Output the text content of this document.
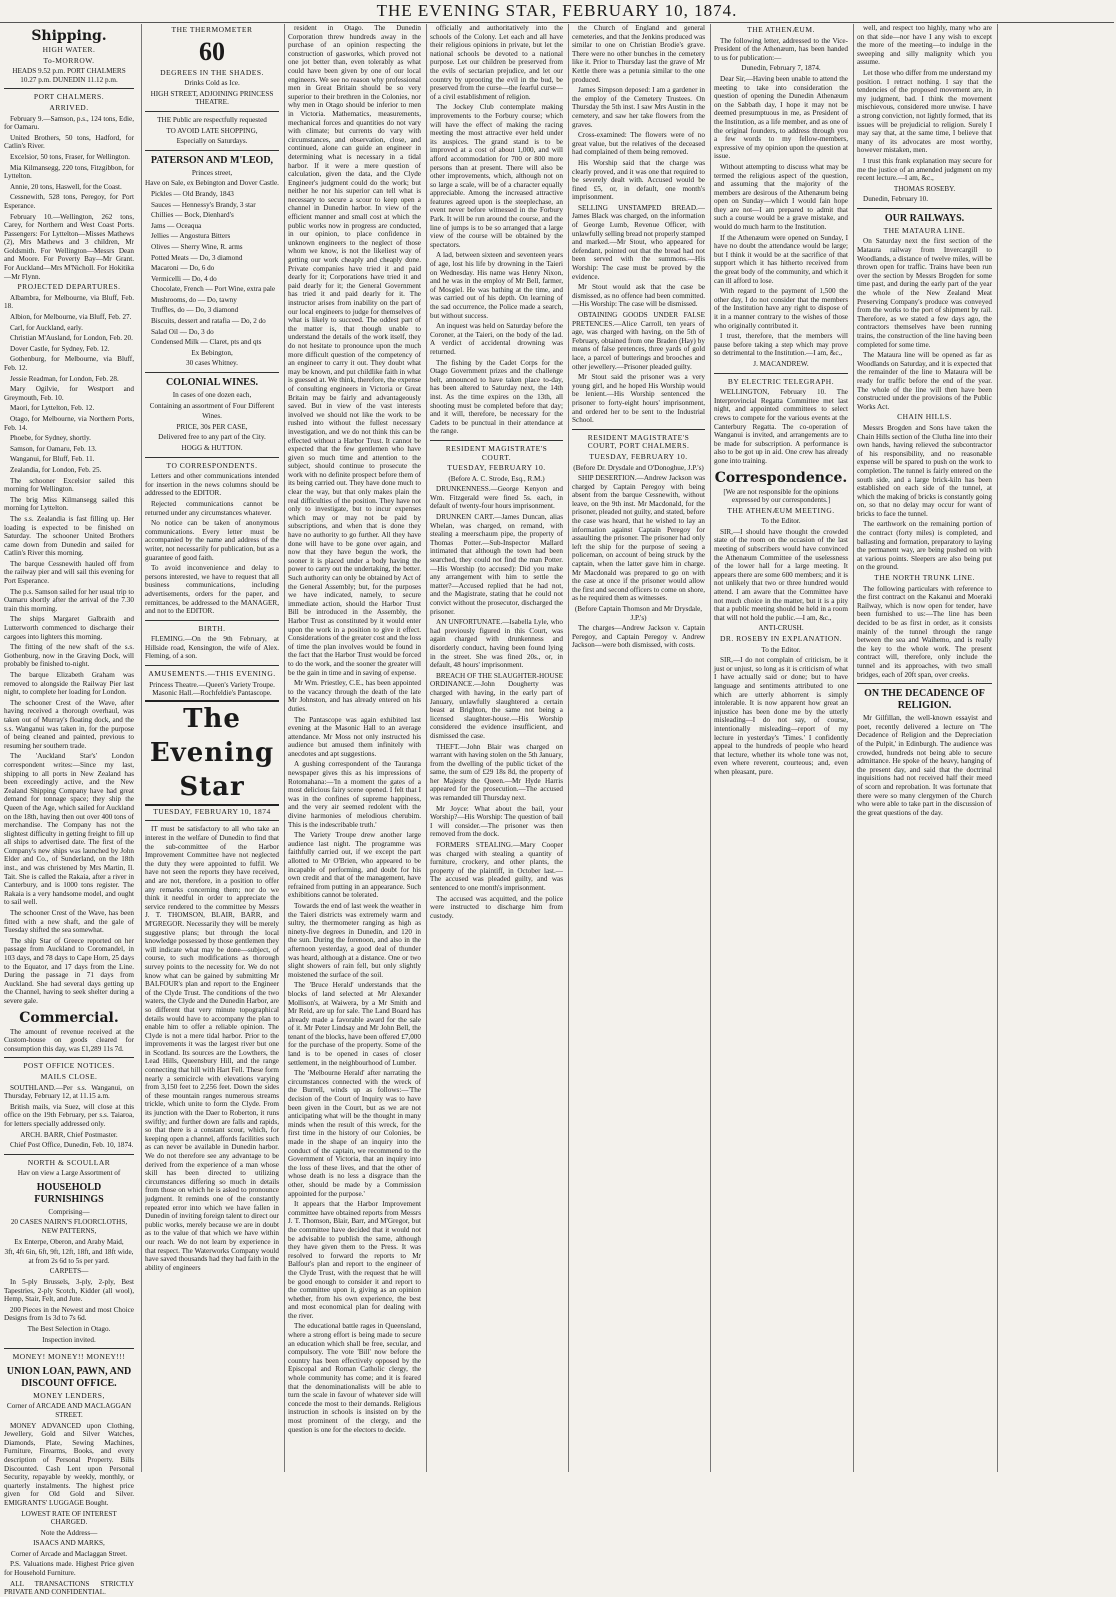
THE EVENING STAR, FEBRUARY 10, 1874.
Shipping.
HIGH WATER.
To-MORROW.

HEADS 9.52 p.m. PORT CHALMERS 10.27 p.m. DUNEDIN 11.12 p.m.

PORT CHALMERS.
ARRIVED.

February 9.—Samson, p.s., 124 tons, Edie, for Oamaru.

United Brothers, 50 tons, Hadford, for Catlin's River.

Excelsior, 50 tons, Fraser, for Wellington.

Mia Kilmansegg, 220 tons, Fitzgibbon, for Lyttelton.

Annie, 20 tons, Haswell, for the Coast.

Cessnewith, 528 tons, Peregoy, for Port Esperance.

February 10.—Wellington, 262 tons, Carey, for Northern and West Coast Ports. Passengers: For Lyttelton—Misses Mathews (2), Mrs Mathews and 3 children, Mr Goldsmith. For Wellington—Messrs Dean and Moore. For Poverty Bay—Mr Grant. For Auckland—Mrs M'Nicholl. For Hokitika—Mr Flynn.

PROJECTED DEPARTURES.

Albambra, for Melbourne, via Bluff, Feb. 18.

Albion, for Melbourne, via Bluff, Feb. 27.

Carl, for Auckland, early.

Christian M'Ausland, for London, Feb. 20.

Dover Castle, for Sydney, Feb. 12.

Gothenburg, for Melbourne, via Bluff, Feb. 12.

Jessie Readman, for London, Feb. 28.

Mary Ogilvie, for Westport and Greymouth, Feb. 10.

Maori, for Lyttelton, Feb. 12.

Otago, for Melbourne, via Northern Ports, Feb. 14.

Phoebe, for Sydney, shortly.

Samson, for Oamaru, Feb. 13.

Wanganui, for Bluff, Feb. 11.

Zealandia, for London, Feb. 25.

The schooner Excelsior sailed this morning for Wellington.

The brig Miss Kilmansegg sailed this morning for Lyttelton.

The s.s. Zealandia is fast filling up. Her loading is expected to be finished on Saturday. The schooner United Brothers came down from Dunedin and sailed for Catlin's River this morning.

The barque Cessnewith hauled off from the railway pier and will sail this evening for Port Esperance.

The p.s. Samson sailed for her usual trip to Oamaru shortly after the arrival of the 7.30 train this morning.

The ships Margaret Galbraith and Lutterworth commenced to discharge their cargoes into lighters this morning.

The fitting of the new shaft of the s.s. Gothenburg, now in the Graving Dock, will probably be finished to-night.

The barque Elizabeth Graham was removed to alongside the Railway Pier last night, to complete her loading for London.

The schooner Crest of the Wave, after having received a thorough overhaul, was taken out of Murray's floating dock, and the s.s. Wanganui was taken in, for the purpose of being cleaned and painted, previous to resuming her southern trade.

The 'Auckland Star's' London correspondent writes:—Since my last, shipping to all ports in New Zealand has been exceedingly active, and the New Zealand Shipping Company have had great demand for tonnage space; they ship the Queen of the Age, which sailed for Auckland on the 18th, having then out over 400 tons of merchandise. The Company has not the slightest difficulty in getting freight to fill up all ships to advertised date. The first of the Company's new ships was launched by John Elder and Co., of Sunderland, on the 18th inst., and was christened by Mrs Martin, Il. Tait. She is called the Rakaia, after a river in Canterbury, and is 1000 tons register. The Rakaia is a very handsome model, and ought to sail well.

The schooner Crest of the Wave, has been fitted with a new shaft, and the gale of Tuesday shifted the sea somewhat.

The ship Star of Greece reported on her passage from Auckland to Coromandel, in 103 days, and 78 days to Cape Horn, 25 days to the Equator, and 17 days from the Line. During the passage in 71 days from Auckland. She had several days getting up the Channel, having to seek shelter during a severe gale.

Commercial.

The amount of revenue received at the Custom-house on goods cleared for consumption this day, was £1,289 11s 7d.

POST OFFICE NOTICES.
MAILS CLOSE.

SOUTHLAND.—Per s.s. Wanganui, on Thursday, February 12, at 11.15 a.m.

British mails, via Suez, will close at this office on the 19th February, per s.s. Taiaroa, for letters specially addressed only.

ARCH. BARR, Chief Postmaster.

Chief Post Office, Dunedin, Feb. 10, 1874.

NORTH & SCOULLAR

Hav on view a Large Assortment of

HOUSEHOLD FURNISHINGS

Comprising—

20 CASES NAIRN'S FLOORCLOTHS, NEW PATTERNS,

Ex Enterpe, Oberon, and Araby Maid,

3ft, 4ft 6in, 6ft, 9ft, 12ft, 18ft, and 18ft wide, at from 2s 6d to 5s per yard.

CARPETS—

In 5-ply Brussels, 3-ply, 2-ply, Best Tapestries, 2-ply Scotch, Kidder (all wool), Hemp, Stair, Felt, and Jute.

200 Pieces in the Newest and most Choice Designs from 1s 3d to 7s 6d.

The Best Selection in Otago.

Inspection invited.

MONEY! MONEY!! MONEY!!!
UNION LOAN, PAWN, AND DISCOUNT OFFICE.
MONEY LENDERS,

Corner of ARCADE AND MACLAGGAN STREET.

MONEY ADVANCED upon Clothing, Jewellery, Gold and Silver Watches, Diamonds, Plate, Sewing Machines, Furniture, Firearms, Books, and every description of Personal Property. Bills Discounted. Cash Lent upon Personal Security, repayable by weekly, monthly, or quarterly instalments. The highest price given for Old Gold and Silver. EMIGRANTS' LUGGAGE Bought.

LOWEST RATE OF INTEREST CHARGED.

Note the Address—

ISAACS AND MARKS,

Corner of Arcade and Maclaggan Street.

P.S. Valuations made. Highest Price given for Household Furniture.

ALL TRANSACTIONS STRICTLY PRIVATE AND CONFIDENTIAL.

THE THERMOMETER
60
DEGREES IN THE SHADES.

Drinks Cold as Ice.

HIGH STREET, ADJOINING PRINCESS THEATRE.

THE Public are respectfully requested

TO AVOID LATE SHOPPING,

Especially on Saturdays.

PATERSON AND M'LEOD,

Princes street,

Have on Sale, ex Bebington and Dover Castle.

Pickles — Old Brandy, 1843

Sauces — Hennessy's Brandy, 3 star

Chillies — Bock, Dienhard's

Jams — Oceaqua

Jellies — Angostura Bitters

Olives — Sherry Wine, R. arms

Potted Meats — Do, 3 diamond

Macaroni — Do, 6 do

Vermicelli — Do, 4 do

Chocolate, French — Port Wine, extra pale

Mushrooms, do — Do, tawny

Truffles, do — Do, 3 diamond

Biscuits, dessert and ratafia — Do, 2 do

Salad Oil — Do, 3 do

Condensed Milk — Claret, pts and qts

Ex Bebington,

30 cases Whitney.

COLONIAL WINES.

In cases of one dozen each,

Containing an assortment of Four Different

Wines.

PRICE, 30s PER CASE,

Delivered free to any part of the City.

HOGG & HUTTON.

TO CORRESPONDENTS.

Letters and other communications intended for insertion in the news columns should be addressed to the EDITOR.

Rejected communications cannot be returned under any circumstances whatever.

No notice can be taken of anonymous communications. Every letter must be accompanied by the name and address of the writer, not necessarily for publication, but as a guarantee of good faith.

To avoid inconvenience and delay to persons interested, we have to request that all business communications, including advertisements, orders for the paper, and remittances, be addressed to the MANAGER, and not to the EDITOR.

BIRTH.

FLEMING.—On the 9th February, at Hillside road, Kensington, the wife of Alex. Fleming, of a son.

AMUSEMENTS.—THIS EVENING.

Princess Theatre.—Queen's Variety Troupe. Masonic Hall.—Rochfeldie's Pantascope.

The Evening Star
TUESDAY, FEBRUARY 10, 1874

IT must be satisfactory to all who take an interest in the welfare of Dunedin to find that the sub-committee of the Harbor Improvement Committee have not neglected the duty they were appointed to fulfil. We have not seen the reports they have received, and are not, therefore, in a position to offer any remarks concerning them; nor do we think it needful in order to appreciate the service rendered to the committee by Messrs J. T. THOMSON, BLAIR, BARR, and M'GREGOR. Necessarily they will be merely suggestive plans; but through the local knowledge possessed by those gentlemen they will indicate what may be done—subject, of course, to such modifications as thorough survey points to the necessity for. We do not know what can be gained by submitting Mr BALFOUR's plan and report to the Engineer of the Clyde Trust. The conditions of the two waters, the Clyde and the Dunedin Harbor, are so different that very minute topographical details would have to accompany the plan to enable him to offer a reliable opinion. The Clyde is not a mere tidal harbor. Prior to the improvements it was the largest river but one in Scotland. Its sources are the Lowthers, the Lead Hills, Queensbury Hill, and the range connecting that hill with Hart Fell. These form nearly a semicircle with elevations varying from 3,150 feet to 2,256 feet. Down the sides of these mountain ranges numerous streams trickle, which unite to form the Clyde. From its junction with the Daer to Roberton, it runs swiftly; and further down are falls and rapids, so that there is a constant scour, which, for keeping open a channel, affords facilities such as can never be available in Dunedin harbor. We do not therefore see any advantage to be derived from the experience of a man whose skill has been directed to utilizing circumstances differing so much in details from those on which he is asked to pronounce judgment. It reminds one of the constantly repeated error into which we have fallen in Dunedin of inviting foreign talent to direct our public works, merely because we are in doubt as to the value of that which we have within our reach. We do not learn by experience in that respect. The Waterworks Company would have saved thousands had they had faith in the ability of engineers

resident in Otago. The Dunedin Corporation threw hundreds away in the purchase of an opinion respecting the construction of gasworks, which proved not one jot better than, even tolerably as what could have been given by one of our local engineers. We see no reason why professional men in Great Britain should be so very superior to their brethren in the Colonies, nor why men in Otago should be inferior to men in Victoria. Mathematics, measurements, mechanical forces and quantities do not vary with climate; but currents do vary with circumstances, and observation, close, and continued, alone can guide an engineer in determining what is necessary in a tidal harbor. If it were a mere question of calculation, given the data, and the Clyde Engineer's judgment could do the work; but neither he nor his superior can tell what is necessary to secure a scour to keep open a channel in Dunedin harbor. In view of the efficient manner and small cost at which the public works now in progress are conducted, in our opinion, to place confidence in unknown engineers to the neglect of those whom we know, is not the likeliest way of getting our work cheaply and cheaply done. Private companies have tried it and paid dearly for it; Corporations have tried it and paid dearly for it; the General Government has tried it and paid dearly for it. The instructor arises from inability on the part of our local engineers to judge for themselves of what is likely to succeed. The oddest part of the matter is, that though unable to understand the details of the work itself, they do not hesitate to pronounce upon the much more difficult question of the competency of an engineer to carry it out. They doubt what may be known, and put childlike faith in what is guessed at. We think, therefore, the expense of consulting engineers in Victoria or Great Britain may be fairly and advantageously saved. But in view of the vast interests involved we should not like the work to be rushed into without the fullest necessary investigation, and we do not think this can be effected without a Harbor Trust. It cannot be expected that the few gentlemen who have given so much time and attention to the subject, should continue to prosecute the work with no definite prospect before them of its being carried out. They have done much to clear the way, but that only makes plain the real difficulties of the position. They have not only to investigate, but to incur expenses which may or may not be paid by subscriptions, and when that is done they have no authority to go further. All they have done will have to be gone over again, and now that they have begun the work, the sooner it is placed under a body having the power to carry out the undertaking, the better. Such authority can only be obtained by Act of the General Assembly; but, for the purposes we have indicated, namely, to secure immediate action, should the Harbor Trust Bill be introduced in the Assembly, the Harbor Trust as constituted by it would enter upon the work in a position to give it effect. Considerations of the greater cost and the loss of time the plan involves would be found in the fact that the Harbor Trust would be forced to do the work, and the sooner the greater will be the gain in time and in saving of expense.

Mr Wm. Priestley, C.E., has been appointed to the vacancy through the death of the late Mr Johnston, and has already entered on his duties.

The Pantascope was again exhibited last evening at the Masonic Hall to an average attendance. Mr Moss not only instructed his audience but amused them infinitely with anecdotes and apt suggestions.

A gushing correspondent of the Tauranga newspaper gives this as his impressions of Rotomahana:—'In a moment the gates of a most delicious fairy scene opened. I felt that I was in the confines of supreme happiness, and the very air seemed redolent with the divine harmonies of melodious cherubim. This is the indescribable truth.'

The Variety Troupe drew another large audience last night. The programme was faithfully carried out, if we except the part allotted to Mr O'Brien, who appeared to be incapable of performing, and doubt for his own credit and that of the management, have refrained from putting in an appearance. Such exhibitions cannot be tolerated.

Towards the end of last week the weather in the Taieri districts was extremely warm and sultry, the thermometer ranging as high as ninety-five degrees in Dunedin, and 120 in the sun. During the forenoon, and also in the afternoon yesterday, a good deal of thunder was heard, although at a distance. One or two slight showers of rain fell, but only slightly moistened the surface of the soil.

The 'Bruce Herald' understands that the blocks of land selected at Mr Alexander Mollison's, at Waiwera, by a Mr Smith and Mr Reid, are up for sale. The Land Board has already made a favorable award for the sale of it. Mr Peter Lindsay and Mr John Bell, the tenant of the blocks, have been offered £7,000 for the purchase of the property. Some of the land is to be opened in cases of closer settlement, in the neighbourhood of Lumber.

The 'Melbourne Herald' after narrating the circumstances connected with the wreck of the Burrell, winds up as follows:—'The decision of the Court of Inquiry was to have been given in the Court, but as we are not anticipating what will be the thought in many minds when the result of this wreck, for the first time in the history of our Colonies, be made in the shape of an inquiry into the conduct of the captain, we recommend to the Government of Victoria, that an inquiry into the loss of these lives, and that the other of whose death is no less a disgrace than the other, should be made by a Commission appointed for the purpose.'

It appears that the Harbor Improvement committee have obtained reports from Messrs J. T. Thomson, Blair, Barr, and M'Gregor, but the committee have decided that it would not be advisable to publish the same, although they have given them to the Press. It was resolved to forward the reports to Mr Balfour's plan and report to the engineer of the Clyde Trust, with the request that he will be good enough to consider it and report to the committee upon it, giving as an opinion whether, from his own experience, the best and most economical plan for dealing with the river.

The educational battle rages in Queensland, where a strong effort is being made to secure an education which shall be free, secular, and compulsory. The vote 'Bill' now before the country has been effectively opposed by the Episcopal and Roman Catholic clergy, the whole community has come; and it is feared that the denominationalists will be able to turn the scale in favour of whatever side will concede the most to their demands. Religious instruction in schools is insisted on by the most prominent of the clergy, and the question is one for the electors to decide.

officially and authoritatively into the schools of the Colony. Let each and all have their religious opinions in private, but let the national schools be devoted to a national purpose. Let our children be preserved from the evils of sectarian prejudice, and let our country by uprooting the evil in the bud, be preserved from the curse—the fearful curse—of a civil establishment of religion.

The Jockey Club contemplate making improvements to the Forbury course; which will have the effect of making the racing meeting the most attractive ever held under its auspices. The grand stand is to be improved at a cost of about 1,000, and will afford accommodation for 700 or 800 more persons than at present. There will also be other improvements, which, although not on so large a scale, will be of a character equally appreciable. Among the increased attractive features agreed upon is the steeplechase, an event never before witnessed in the Forbury Park. It will be run around the course, and the line of jumps is to be so arranged that a large view of the course will be obtained by the spectators.

A lad, between sixteen and seventeen years of age, lost his life by drowning in the Taieri on Wednesday. His name was Henry Nixon, and he was in the employ of Mr Bell, farmer, of Mosgiel. He was bathing at the time, and was carried out of his depth. On learning of the sad occurrence, the Police made a search, but without success.

An inquest was held on Saturday before the Coroner, at the Taieri, on the body of the lad. A verdict of accidental drowning was returned.

The fishing by the Cadet Corps for the Otago Government prizes and the challenge belt, announced to have taken place to-day, has been altered to Saturday next, the 14th inst. As the time expires on the 13th, all shooting must be completed before that day; and it will, therefore, be necessary for the Cadets to be punctual in their attendance at the range.

RESIDENT MAGISTRATE'S COURT.
TUESDAY, FEBRUARY 10.

(Before A. C. Strode, Esq., R.M.)

DRUNKENNESS.—George Kenyon and Wm. Fitzgerald were fined 5s. each, in default of twenty-four hours imprisonment.

DRUNKEN CART.—James Duncan, alias Whelan, was charged, on remand, with stealing a meerschaum pipe, the property of Thomas Potter.—Sub-Inspector Mallard intimated that although the town had been searched, they could not find the man Potter.—His Worship (to accused): Did you make any arrangement with him to settle the matter?—Accused replied that he had not, and the Magistrate, stating that he could not convict without the prosecutor, discharged the prisoner.

AN UNFORTUNATE.—Isabella Lyle, who had previously figured in this Court, was again charged with drunkenness and disorderly conduct, having been found lying in the street. She was fined 20s., or, in default, 48 hours' imprisonment.

BREACH OF THE SLAUGHTER-HOUSE ORDINANCE.—John Dougherty was charged with having, in the early part of January, unlawfully slaughtered a certain beast at Brighton, the same not being a licensed slaughter-house.—His Worship considered the evidence insufficient, and dismissed the case.

THEFT.—John Blair was charged on warrant with having stolen on the 5th January, from the dwelling of the public ticket of the same, the sum of £29 18s 8d, the property of her Majesty the Queen.—Mr Hyde Harris appeared for the prosecution.—The accused was remanded till Thursday next.

Mr Joyce: What about the bail, your Worship?—His Worship: The question of bail I will consider.—The prisoner was then removed from the dock.

FORMERS STEALING.—Mary Cooper was charged with stealing a quantity of furniture, crockery, and other plants, the property of the plaintiff, in October last.—The accused was pleaded guilty, and was sentenced to one month's imprisonment.

The accused was acquitted, and the police were instructed to discharge him from custody.

the Church of England and general cemeteries, and that the Jenkins produced was similar to one on Christian Brodie's grave. There were no other bunches in the cemetery like it. Prior to Thursday last the grave of Mr Kettle there was a petunia similar to the one produced.

James Simpson deposed: I am a gardener in the employ of the Cemetery Trustees. On Thursday the 5th inst. I saw Mrs Austin in the cemetery, and saw her take flowers from the graves.

Cross-examined: The flowers were of no great value, but the relatives of the deceased had complained of them being removed.

His Worship said that the charge was clearly proved, and it was one that required to be severely dealt with. Accused would be fined £5, or, in default, one month's imprisonment.

SELLING UNSTAMPED BREAD.—James Black was charged, on the information of George Lumb, Revenue Officer, with unlawfully selling bread not properly stamped and marked.—Mr Stout, who appeared for defendant, pointed out that the bread had not been served with the summons.—His Worship: The case must be proved by the evidence.

Mr Stout would ask that the case be dismissed, as no offence had been committed.—His Worship: The case will be dismissed.

OBTAINING GOODS UNDER FALSE PRETENCES.—Alice Carroll, ten years of age, was charged with having, on the 5th of February, obtained from one Braden (Hay) by means of false pretences, three yards of gold lace, a parcel of butterings and brooches and other jewellery.—Prisoner pleaded guilty.

Mr Stout said the prisoner was a very young girl, and he hoped His Worship would be lenient.—His Worship sentenced the prisoner to forty-eight hours' imprisonment, and ordered her to be sent to the Industrial School.

RESIDENT MAGISTRATE'S COURT, PORT CHALMERS.
TUESDAY, FEBRUARY 10.

(Before Dr. Drysdale and O'Donoghue, J.P.'s)

SHIP DESERTION.—Andrew Jackson was charged by Captain Peregoy with being absent from the barque Cessnewith, without leave, on the 9th inst. Mr Macdonald, for the prisoner, pleaded not guilty, and stated, before the case was heard, that he wished to lay an information against Captain Peregoy for assaulting the prisoner. The prisoner had only left the ship for the purpose of seeing a policeman, on account of being struck by the captain, when the latter gave him in charge. Mr Macdonald was prepared to go on with the case at once if the prisoner would allow the first and second officers to come on shore, as he required them as witnesses.

(Before Captain Thomson and Mr Drysdale, J.P.'s)

The charges—Andrew Jackson v. Captain Peregoy, and Captain Peregoy v. Andrew Jackson—were both dismissed, with costs.

THE ATHENÆUM.

The following letter, addressed to the Vice-President of the Athenæum, has been handed to us for publication:—

Dunedin, February 7, 1874.

Dear Sir,—Having been unable to attend the meeting to take into consideration the question of opening the Dunedin Athenæum on the Sabbath day, I hope it may not be deemed presumptuous in me, as President of the Institution, as a life member, and as one of the original founders, to address through you a few words to my fellow-members, expressive of my opinion upon the question at issue.

Without attempting to discuss what may be termed the religious aspect of the question, and assuming that the majority of the members are desirous of the Athenæum being open on Sunday—which I would fain hope they are not—I am prepared to admit that such a course would be a grave mistake, and would do much harm to the Institution.

If the Athenæum were opened on Sunday, I have no doubt the attendance would be large; but I think it would be at the sacrifice of that support which it has hitherto received from the great body of the community, and which it can ill afford to lose.

With regard to the payment of 1,500 the other day, I do not consider that the members of the Institution have any right to dispose of it in a manner contrary to the wishes of those who originally contributed it.

I trust, therefore, that the members will pause before taking a step which may prove so detrimental to the Institution.—I am, &c.,

J. MACANDREW.

BY ELECTRIC TELEGRAPH.

WELLINGTON, February 10. The Interprovincial Regatta Committee met last night, and appointed committees to select crews to compete for the various events at the Canterbury Regatta. The co-operation of Wanganui is invited, and arrangements are to be made for subscription. A performance is also to be got up in aid. One crew has already gone into training.

Correspondence.

[We are not responsible for the opinions expressed by our correspondents.]

THE ATHENÆUM MEETING.

To the Editor.

SIR,—I should have thought the crowded state of the room on the occasion of the last meeting of subscribers would have convinced the Athenæum Committee of the uselessness of the lower hall for a large meeting. It appears there are some 600 members; and it is not unlikely that two or three hundred would attend. I am aware that the Committee have not much choice in the matter, but it is a pity that a public meeting should be held in a room that will not hold the public.—I am, &c.,

ANTI-CRUSH.

DR. ROSEBY IN EXPLANATION.

To the Editor.

SIR,—I do not complain of criticism, be it just or unjust, so long as it is criticism of what I have actually said or done; but to have language and sentiments attributed to one which are utterly abhorrent is simply intolerable. It is now apparent how great an injustice has been done me by the utterly misleading—I do not say, of course, intentionally misleading—report of my lecture in yesterday's 'Times.' I confidently appeal to the hundreds of people who heard that lecture, whether its whole tone was not, even where reverent, courteous; and, even when pleasant, pure.

well, and respect too highly, many who are on that side—nor have I any wish to except the more of the meeting—to indulge in the sweeping and silly malignity which you assume.

Let those who differ from me understand my position. I retract nothing. I say that the tendencies of the proposed movement are, in my judgment, bad. I think the movement mischievous, considered more unwise. I have a strong conviction, not lightly formed, that its issues will be prejudicial to religion. Surely I may say that, at the same time, I believe that many of its advocates are most worthy, however mistaken, men.

I trust this frank explanation may secure for me the justice of an amended judgment on my recent lecture.—I am, &c.,

THOMAS ROSEBY.

Dunedin, February 10.

OUR RAILWAYS.
THE MATAURA LINE.

On Saturday next the first section of the Mataura railway from Invercargill to Woodlands, a distance of twelve miles, will be thrown open for traffic. Trains have been run over the section by Messrs Brogden for some time past, and during the early part of the year the whole of the New Zealand Meat Preserving Company's produce was conveyed from the works to the port of shipment by rail. Therefore, as we stated a few days ago, the contractors themselves have been running trains, the construction of the line having been completed for some time.

The Mataura line will be opened as far as Woodlands on Saturday, and it is expected that the remainder of the line to Mataura will be ready for traffic before the end of the year. The whole of the line will then have been constructed under the provisions of the Public Works Act.

CHAIN HILLS.

Messrs Brogden and Sons have taken the Chain Hills section of the Clutha line into their own hands, having relieved the subcontractor of his responsibility, and no reasonable expense will be spared to push on the work to completion. The tunnel is fairly entered on the south side, and a large brick-kiln has been established on each side of the tunnel, at which the making of bricks is constantly going on, so that no delay may occur for want of bricks to face the tunnel.

The earthwork on the remaining portion of the contract (forty miles) is completed, and ballasting and formation, preparatory to laying the permanent way, are being pushed on with at various points. Sleepers are also being put on the ground.

THE NORTH TRUNK LINE.

The following particulars with reference to the first contract on the Kakanui and Moeraki Railway, which is now open for tender, have been furnished to us:—The line has been decided to be as first in order, as it consists mainly of the tunnel through the range between the sea and Waihemo, and is really the key to the whole work. The present contract will, therefore, only include the tunnel and its approaches, with two small bridges, each of 20ft span, over creeks.

ON THE DECADENCE OF RELIGION.

Mr Gilfillan, the well-known essayist and poet, recently delivered a lecture on 'The Decadence of Religion and the Depreciation of the Pulpit,' in Edinburgh. The audience was crowded, hundreds not being able to secure admittance. He spoke of the heavy, hanging of the present day, and said that the doctrinal inquisitions had not received half their meed of scorn and reprobation. It was fortunate that there were so many clergymen of the Church who were able to take part in the discussion of the great questions of the day.
